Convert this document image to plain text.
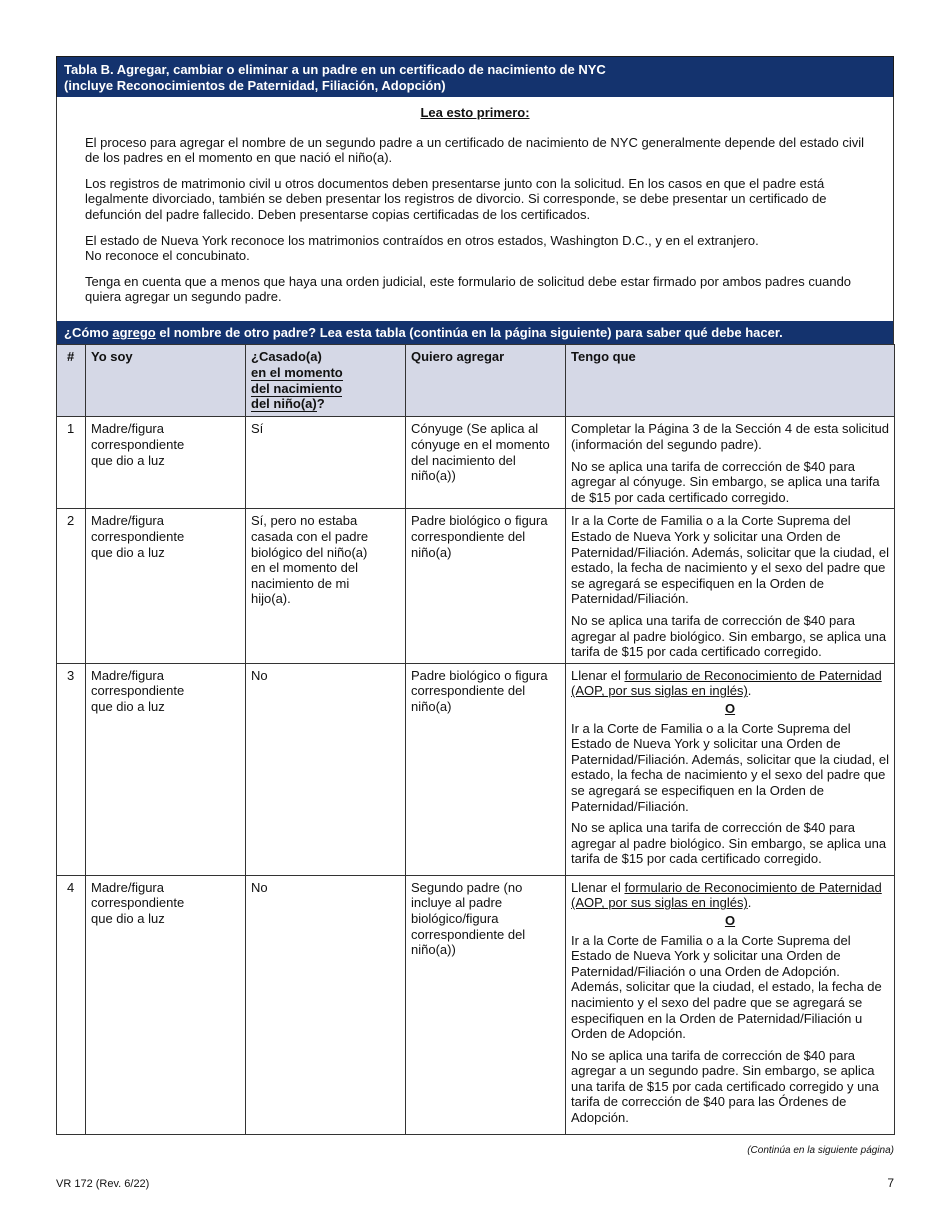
Tabla B. Agregar, cambiar o eliminar a un padre en un certificado de nacimiento de NYC
(incluye Reconocimientos de Paternidad, Filiación, Adopción)

Lea esto primero:

El proceso para agregar el nombre de un segundo padre a un certificado de nacimiento de NYC generalmente depende del estado civil de los padres en el momento en que nació el niño(a).

Los registros de matrimonio civil u otros documentos deben presentarse junto con la solicitud. En los casos en que el padre está legalmente divorciado, también se deben presentar los registros de divorcio. Si corresponde, se debe presentar un certificado de defunción del padre fallecido. Deben presentarse copias certificadas de los certificados.

El estado de Nueva York reconoce los matrimonios contraídos en otros estados, Washington D.C., y en el extranjero.
No reconoce el concubinato.

Tenga en cuenta que a menos que haya una orden judicial, este formulario de solicitud debe estar firmado por ambos padres cuando quiera agregar un segundo padre.

¿Cómo agrego el nombre de otro padre? Lea esta tabla (continúa en la página siguiente) para saber qué debe hacer.
#	Yo soy	¿Casado(a)
en el momento
del nacimiento
del niño(a)?	Quiero agregar	Tengo que
1	Madre/figura correspondiente que dio a luz	Sí	Cónyuge (Se aplica al cónyuge en el momento del nacimiento del niño(a))	Completar la Página 3 de la Sección 4 de esta solicitud (información del segundo padre).

No se aplica una tarifa de corrección de $40 para agregar al cónyuge. Sin embargo, se aplica una tarifa de $15 por cada certificado corregido.

2	Madre/figura correspondiente que dio a luz	Sí, pero no estaba casada con el padre biológico del niño(a) en el momento del nacimiento de mi hijo(a).	Padre biológico o figura correspondiente del niño(a)	Ir a la Corte de Familia o a la Corte Suprema del Estado de Nueva York y solicitar una Orden de Paternidad/Filiación. Además, solicitar que la ciudad, el estado, la fecha de nacimiento y el sexo del padre que se agregará se especifiquen en la Orden de Paternidad/Filiación.

No se aplica una tarifa de corrección de $40 para agregar al padre biológico. Sin embargo, se aplica una tarifa de $15 por cada certificado corregido.

3	Madre/figura correspondiente que dio a luz	No	Padre biológico o figura correspondiente del niño(a)	Llenar el formulario de Reconocimiento de Paternidad (AOP, por sus siglas en inglés).

O

Ir a la Corte de Familia o a la Corte Suprema del Estado de Nueva York y solicitar una Orden de Paternidad/Filiación. Además, solicitar que la ciudad, el estado, la fecha de nacimiento y el sexo del padre que se agregará se especifiquen en la Orden de Paternidad/Filiación.

No se aplica una tarifa de corrección de $40 para agregar al padre biológico. Sin embargo, se aplica una tarifa de $15 por cada certificado corregido.

4	Madre/figura correspondiente que dio a luz	No	Segundo padre (no incluye al padre biológico/figura correspondiente del niño(a))	Llenar el formulario de Reconocimiento de Paternidad (AOP, por sus siglas en inglés).

O

Ir a la Corte de Familia o a la Corte Suprema del Estado de Nueva York y solicitar una Orden de Paternidad/Filiación o una Orden de Adopción. Además, solicitar que la ciudad, el estado, la fecha de nacimiento y el sexo del padre que se agregará se especifiquen en la Orden de Paternidad/Filiación u Orden de Adopción.

No se aplica una tarifa de corrección de $40 para agregar a un segundo padre. Sin embargo, se aplica una tarifa de $15 por cada certificado corregido y una tarifa de corrección de $40 para las Órdenes de Adopción.

(Continúa en la siguiente página)
VR 172 (Rev. 6/22)	7
